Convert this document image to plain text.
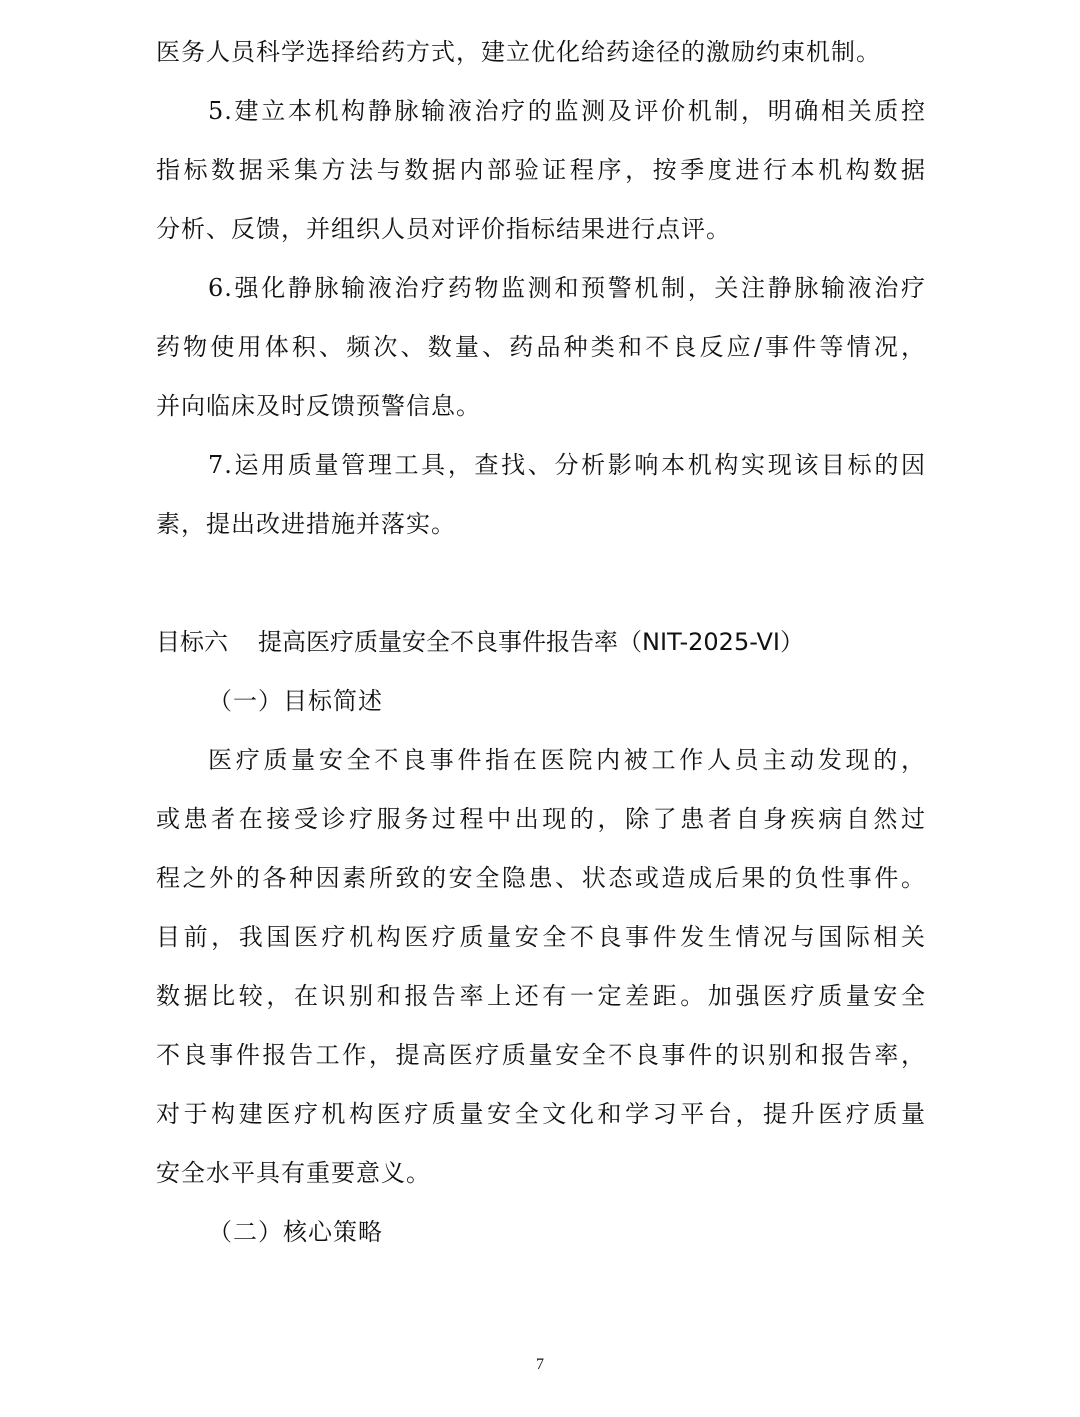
医务人员科学选择给药方式，建立优化给药途径的激励约束机制。
5.建立本机构静脉输液治疗的监测及评价机制，明确相关质控
指标数据采集方法与数据内部验证程序，按季度进行本机构数据
分析、反馈，并组织人员对评价指标结果进行点评。
6.强化静脉输液治疗药物监测和预警机制，关注静脉输液治疗
药物使用体积、频次、数量、药品种类和不良反应/事件等情况，
并向临床及时反馈预警信息。
7.运用质量管理工具，查找、分析影响本机构实现该目标的因
素，提出改进措施并落实。
目标六 提高医疗质量安全不良事件报告率（NIT-2025-VI）
（一）目标简述
医疗质量安全不良事件指在医院内被工作人员主动发现的，
或患者在接受诊疗服务过程中出现的，除了患者自身疾病自然过
程之外的各种因素所致的安全隐患、状态或造成后果的负性事件。
目前，我国医疗机构医疗质量安全不良事件发生情况与国际相关
数据比较，在识别和报告率上还有一定差距。加强医疗质量安全
不良事件报告工作，提高医疗质量安全不良事件的识别和报告率，
对于构建医疗机构医疗质量安全文化和学习平台，提升医疗质量
安全水平具有重要意义。
（二）核心策略
7
